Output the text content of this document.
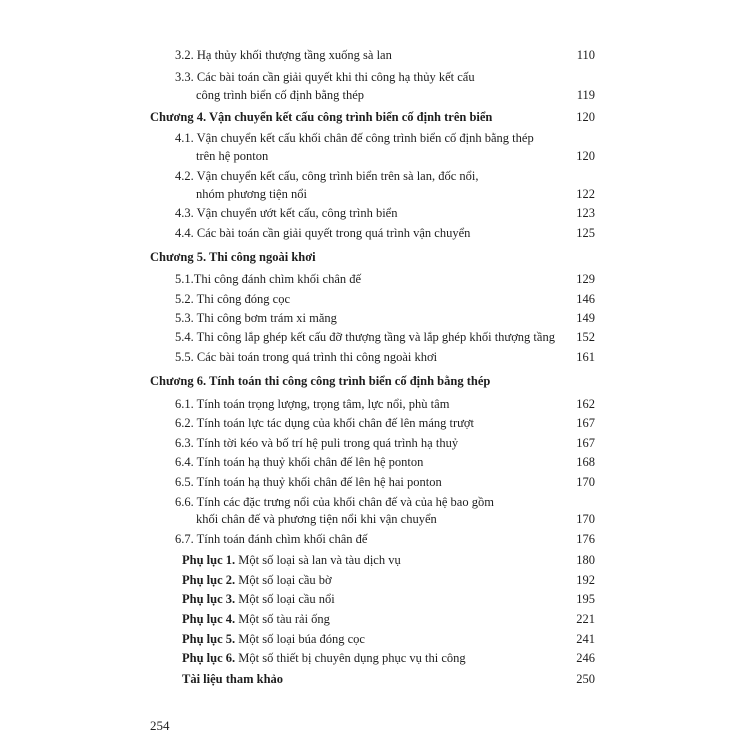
3.2. Hạ thủy khối thượng tầng xuống sà lan	110
3.3. Các bài toán cần giải quyết khi thi công hạ thủy kết cấu
công trình biển cố định bằng thép	119
Chương 4. Vận chuyển kết cấu công trình biển cố định trên biển	120
4.1. Vận chuyển kết cấu khối chân đế công trình biển cố định bằng thép
trên hệ ponton	120
4.2. Vận chuyển kết cấu, công trình biển trên sà lan, đốc nổi,
nhóm phương tiện nổi	122
4.3. Vận chuyển ướt kết cấu, công trình biển	123
4.4. Các bài toán cần giải quyết trong quá trình vận chuyển	125
Chương 5. Thi công ngoài khơi
5.1.Thi công đánh chìm khối chân đế	129
5.2. Thi công đóng cọc	146
5.3. Thi công bơm trám xi măng	149
5.4. Thi công lắp ghép kết cấu đỡ thượng tầng và lắp ghép khối thượng tầng	152
5.5. Các bài toán trong quá trình thi công ngoài khơi	161
Chương 6. Tính toán thi công công trình biển cố định bằng thép
6.1. Tính toán trọng lượng, trọng tâm, lực nổi, phù tâm	162
6.2. Tính toán lực tác dụng của khối chân đế lên máng trượt	167
6.3. Tính tời kéo và bố trí hệ puli trong quá trình hạ thuỷ	167
6.4. Tính toán hạ thuỷ khối chân đế lên hệ ponton	168
6.5. Tính toán hạ thuỷ khối chân đế lên hệ hai ponton	170
6.6. Tính các đặc trưng nổi của khối chân đế và của hệ bao gồm
khối chân đế và phương tiện nổi khi vận chuyển	170
6.7. Tính toán đánh chìm khối chân đế	176
Phụ lục 1. Một số loại sà lan và tàu dịch vụ	180
Phụ lục 2. Một số loại cầu bờ	192
Phụ lục 3. Một số loại cầu nổi	195
Phụ lục 4. Một số tàu rải ống	221
Phụ lục 5. Một số loại búa đóng cọc	241
Phụ lục 6. Một số thiết bị chuyên dụng phục vụ thi công	246
Tài liệu tham khảo	250
254
